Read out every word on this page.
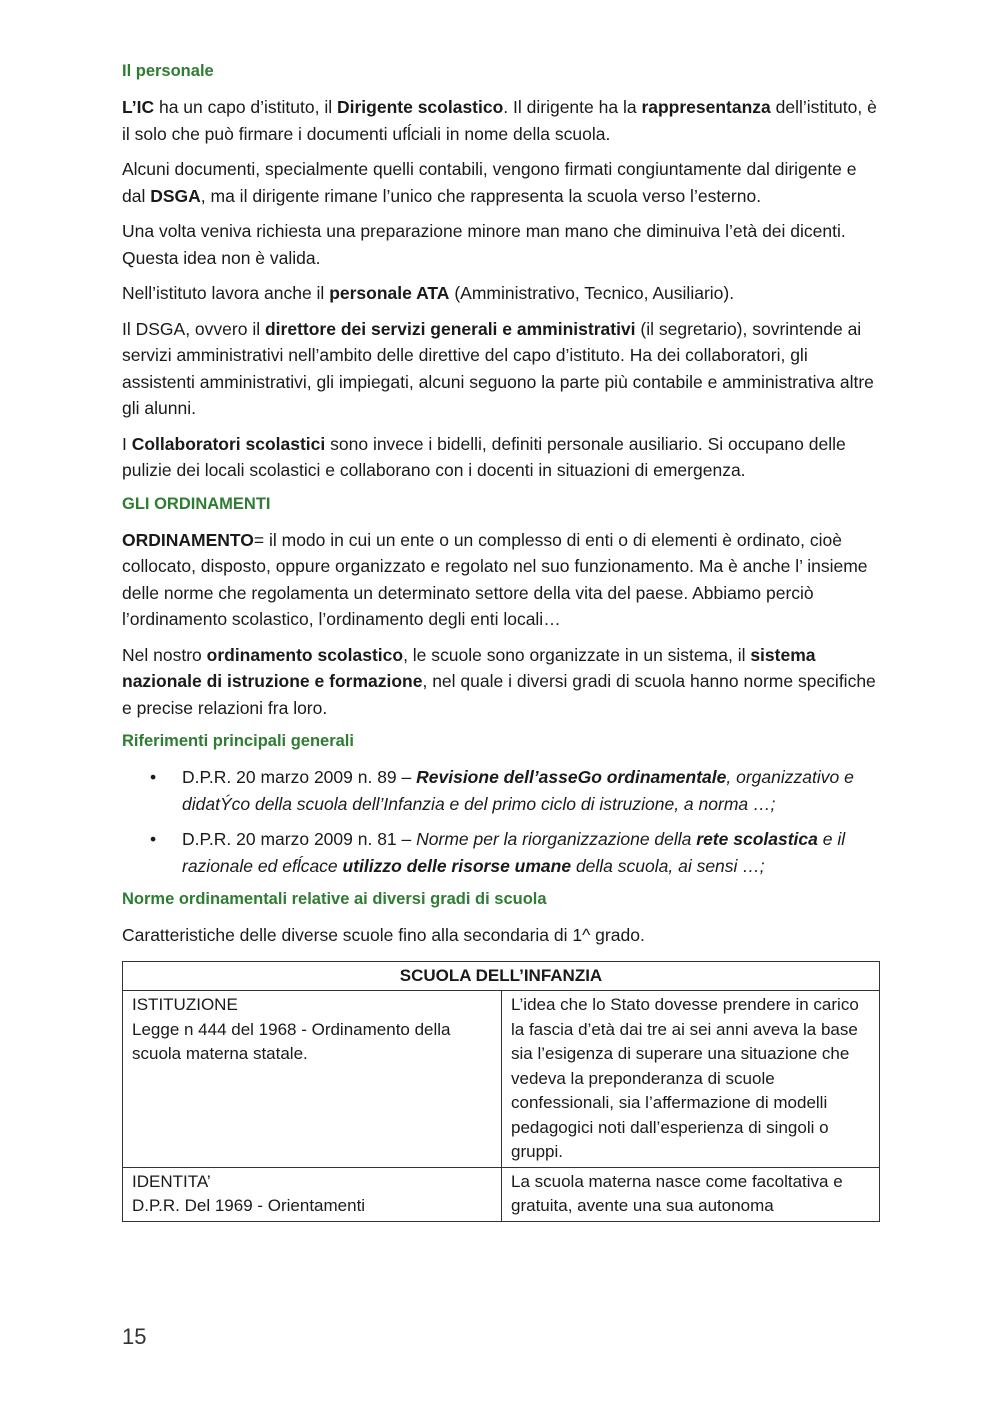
Il personale
L’IC ha un capo d’istituto, il Dirigente scolastico. Il dirigente ha la rappresentanza dell’istituto, è il solo che può firmare i documenti ufĺciali in nome della scuola.
Alcuni documenti, specialmente quelli contabili, vengono firmati congiuntamente dal dirigente e dal DSGA, ma il dirigente rimane l’unico che rappresenta la scuola verso l’esterno.
Una volta veniva richiesta una preparazione minore man mano che diminuiva l’età dei dicenti. Questa idea non è valida.
Nell’istituto lavora anche il personale ATA (Amministrativo, Tecnico, Ausiliario).
Il DSGA, ovvero il direttore dei servizi generali e amministrativi (il segretario), sovrintende ai servizi amministrativi nell’ambito delle direttive del capo d’istituto. Ha dei collaboratori, gli assistenti amministrativi, gli impiegati, alcuni seguono la parte più contabile e amministrativa altre gli alunni.
I Collaboratori scolastici sono invece i bidelli, definiti personale ausiliario. Si occupano delle pulizie dei locali scolastici e collaborano con i docenti in situazioni di emergenza.
GLI ORDINAMENTI
ORDINAMENTO= il modo in cui un ente o un complesso di enti o di elementi è ordinato, cioè collocato, disposto, oppure organizzato e regolato nel suo funzionamento. Ma è anche l’ insieme delle norme che regolamenta un determinato settore della vita del paese. Abbiamo perciò l’ordinamento scolastico, l’ordinamento degli enti locali…
Nel nostro ordinamento scolastico, le scuole sono organizzate in un sistema, il sistema nazionale di istruzione e formazione, nel quale i diversi gradi di scuola hanno norme specifiche e precise relazioni fra loro.
Riferimenti principali generali
• D.P.R. 20 marzo 2009 n. 89 – Revisione dell’asseGo ordinamentale, organizzativo e didatÝco della scuola dell’Infanzia e del primo ciclo di istruzione, a norma …;
• D.P.R. 20 marzo 2009 n. 81 – Norme per la riorganizzazione della rete scolastica e il razionale ed efĺcace utilizzo delle risorse umane della scuola, ai sensi …;
Norme ordinamentali relative ai diversi gradi di scuola
Caratteristiche delle diverse scuole fino alla secondaria di 1^ grado.
SCUOLA DELL’INFANZIA	

ISTITUZIONE
Legge n 444 del 1968 - Ordinamento della scuola materna statale.	L’idea che lo Stato dovesse prendere in carico la fascia d’età dai tre ai sei anni aveva la base sia l’esigenza di superare una situazione che vedeva la preponderanza di scuole confessionali, sia l’affermazione di modelli pedagogici noti dall’esperienza di singoli o gruppi.

IDENTITA’
D.P.R. Del 1969 - Orientamenti	La scuola materna nasce come facoltativa e gratuita, avente una sua autonoma
15
